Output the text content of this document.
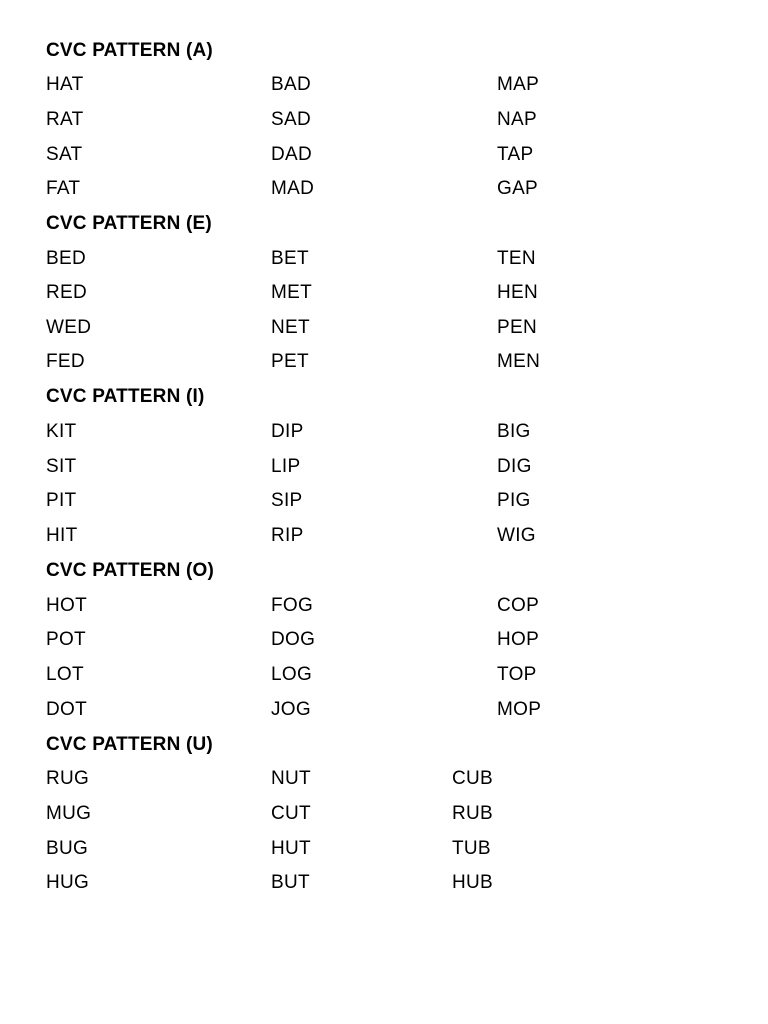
CVC PATTERN (A)
HAT	BAD	MAP
RAT	SAD	NAP
SAT	DAD	TAP
FAT	MAD	GAP
CVC PATTERN (E)
BED	BET	TEN
RED	MET	HEN
WED	NET	PEN
FED	PET	MEN
CVC PATTERN (I)
KIT	DIP	BIG
SIT	LIP	DIG
PIT	SIP	PIG
HIT	RIP	WIG
CVC PATTERN (O)
HOT	FOG	COP
POT	DOG	HOP
LOT	LOG	TOP
DOT	JOG	MOP
CVC PATTERN (U)
RUG	NUT	CUB
MUG	CUT	RUB
BUG	HUT	TUB
HUG	BUT	HUB
